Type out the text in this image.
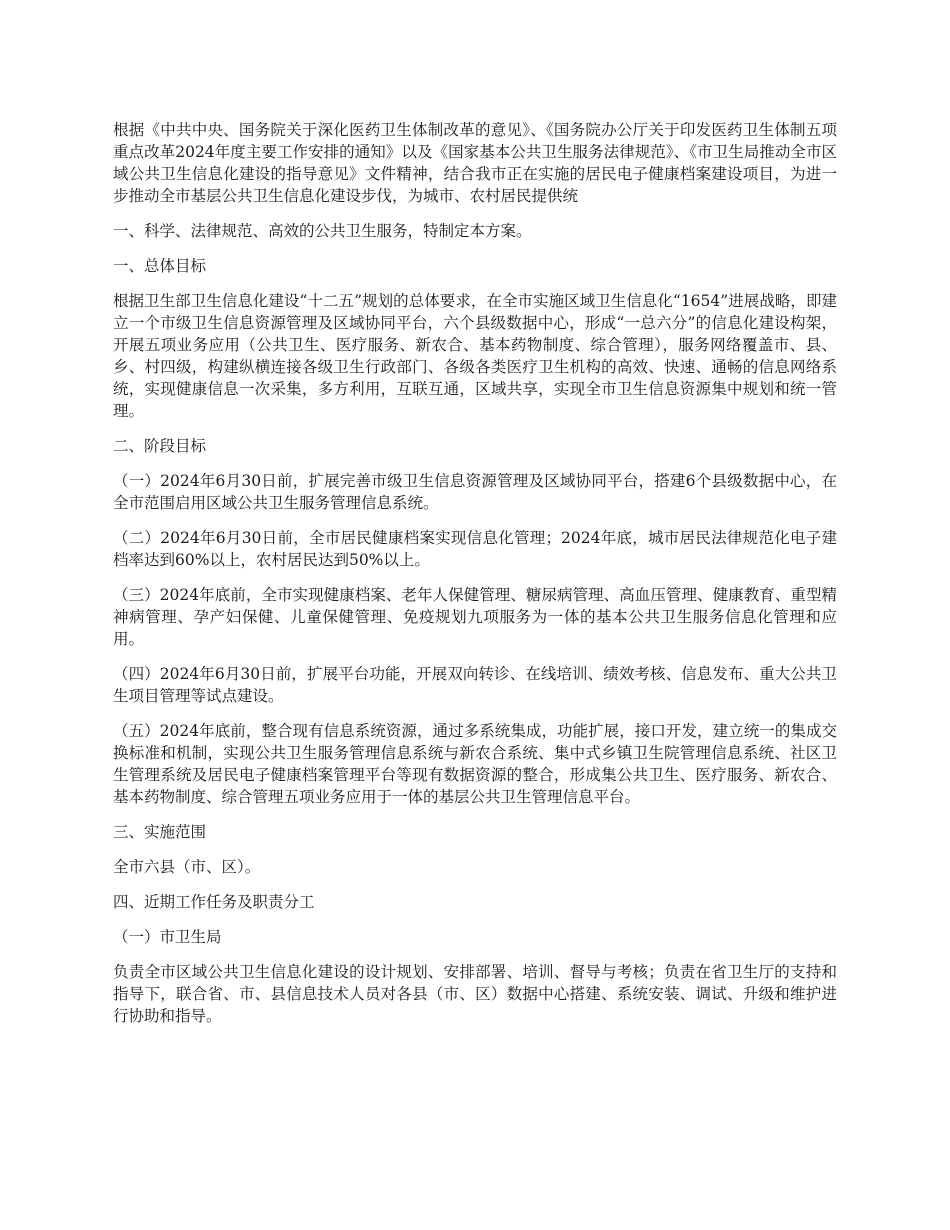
根据《中共中央、国务院关于深化医药卫生体制改革的意见》、《国务院办公厅关于印发医药卫生体制五项重点改革2024年度主要工作安排的通知》以及《国家基本公共卫生服务法律规范》、《市卫生局推动全市区域公共卫生信息化建设的指导意见》文件精神，结合我市正在实施的居民电子健康档案建设项目，为进一步推动全市基层公共卫生信息化建设步伐，为城市、农村居民提供统

一、科学、法律规范、高效的公共卫生服务，特制定本方案。

一、总体目标

根据卫生部卫生信息化建设“十二五”规划的总体要求，在全市实施区域卫生信息化“1654”进展战略，即建立一个市级卫生信息资源管理及区域协同平台，六个县级数据中心，形成“一总六分”的信息化建设构架，开展五项业务应用（公共卫生、医疗服务、新农合、基本药物制度、综合管理），服务网络覆盖市、县、乡、村四级，构建纵横连接各级卫生行政部门、各级各类医疗卫生机构的高效、快速、通畅的信息网络系统，实现健康信息一次采集，多方利用，互联互通，区域共享，实现全市卫生信息资源集中规划和统一管理。

二、阶段目标

（一）2024年6月30日前，扩展完善市级卫生信息资源管理及区域协同平台，搭建6个县级数据中心，在全市范围启用区域公共卫生服务管理信息系统。

（二）2024年6月30日前，全市居民健康档案实现信息化管理；2024年底，城市居民法律规范化电子建档率达到60%以上，农村居民达到50%以上。

（三）2024年底前，全市实现健康档案、老年人保健管理、糖尿病管理、高血压管理、健康教育、重型精神病管理、孕产妇保健、儿童保健管理、免疫规划九项服务为一体的基本公共卫生服务信息化管理和应用。

（四）2024年6月30日前，扩展平台功能，开展双向转诊、在线培训、绩效考核、信息发布、重大公共卫生项目管理等试点建设。

（五）2024年底前，整合现有信息系统资源，通过多系统集成，功能扩展，接口开发，建立统一的集成交换标准和机制，实现公共卫生服务管理信息系统与新农合系统、集中式乡镇卫生院管理信息系统、社区卫生管理系统及居民电子健康档案管理平台等现有数据资源的整合，形成集公共卫生、医疗服务、新农合、基本药物制度、综合管理五项业务应用于一体的基层公共卫生管理信息平台。

三、实施范围

全市六县（市、区）。

四、近期工作任务及职责分工

（一）市卫生局

负责全市区域公共卫生信息化建设的设计规划、安排部署、培训、督导与考核；负责在省卫生厅的支持和指导下，联合省、市、县信息技术人员对各县（市、区）数据中心搭建、系统安装、调试、升级和维护进行协助和指导。
